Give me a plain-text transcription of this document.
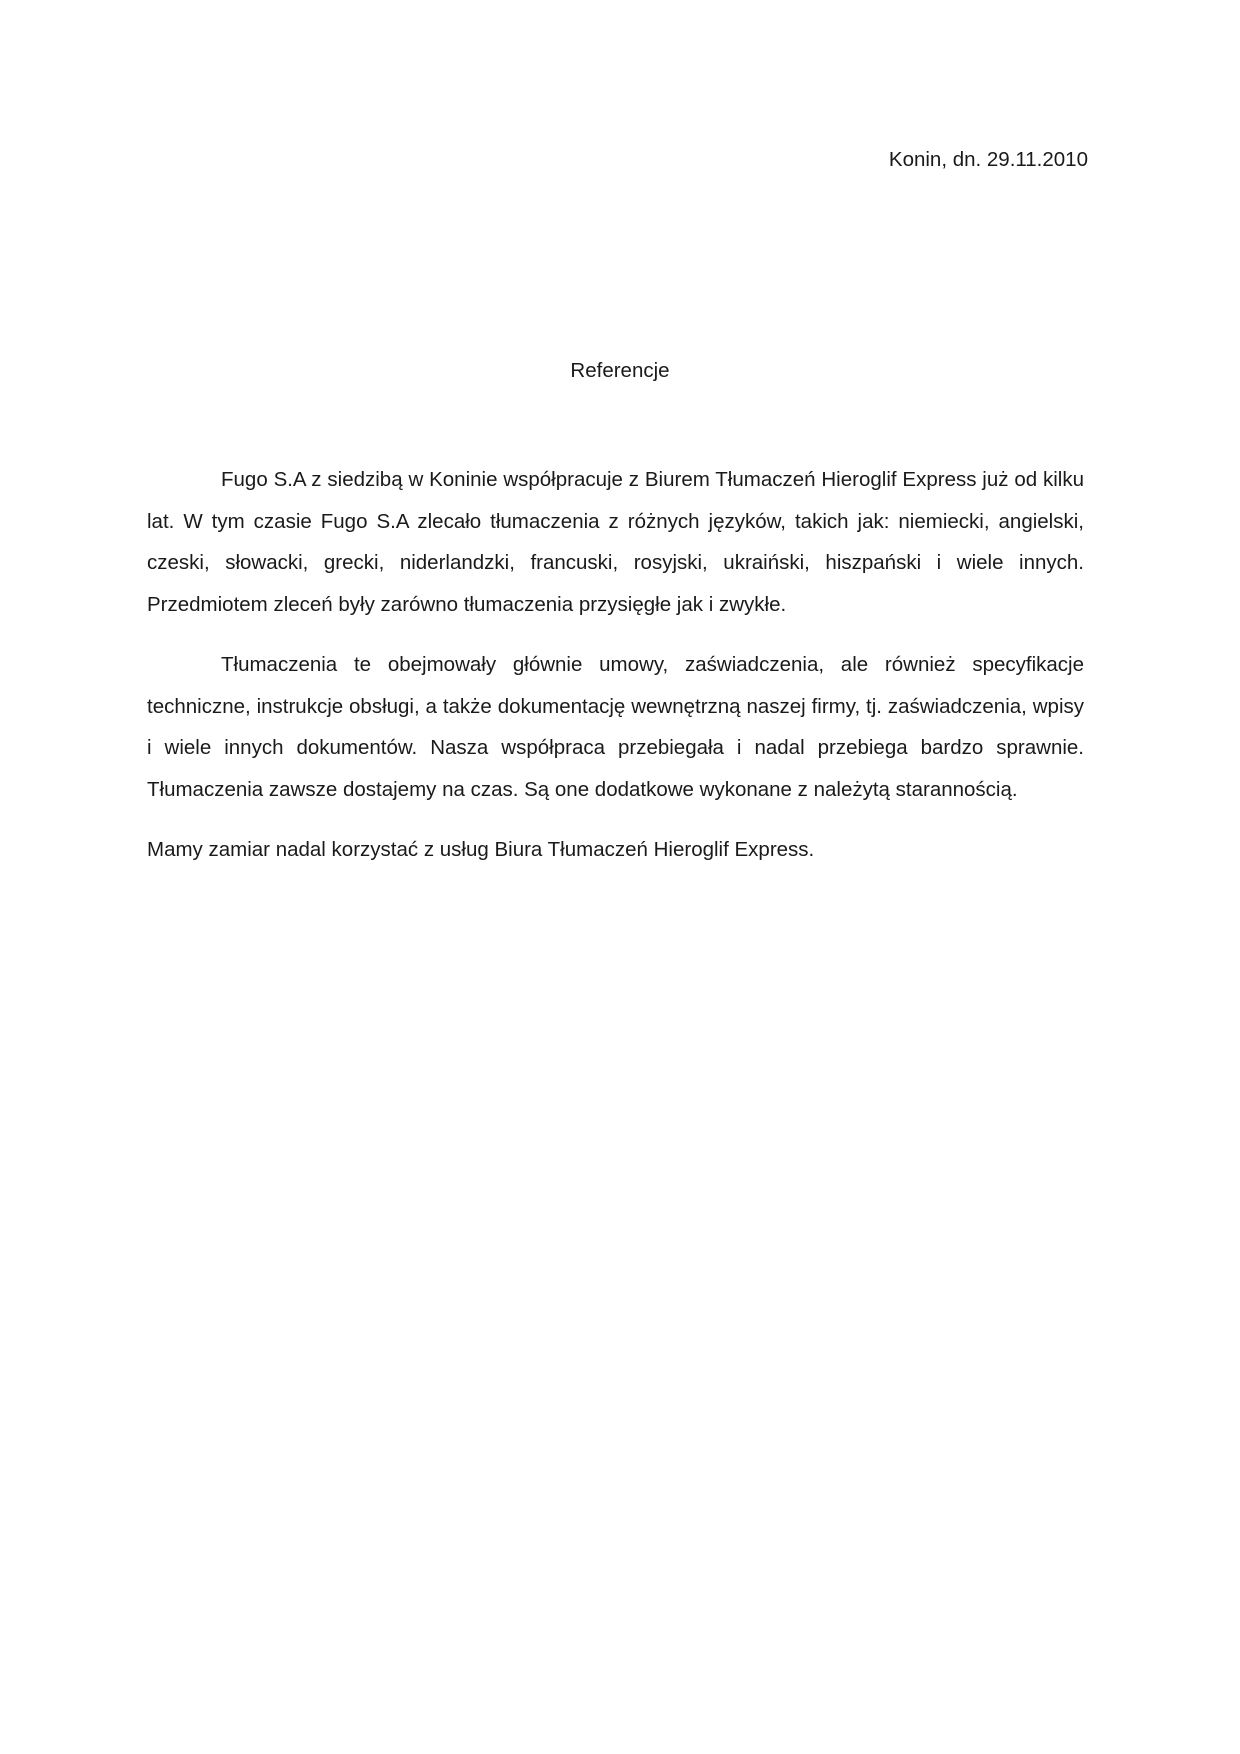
Konin, dn. 29.11.2010
Referencje

Fugo S.A z siedzibą w Koninie współpracuje z Biurem Tłumaczeń Hieroglif Express już od kilku lat. W tym czasie Fugo S.A zlecało tłumaczenia z różnych języków, takich jak: niemiecki, angielski, czeski, słowacki, grecki, niderlandzki, francuski, rosyjski, ukraiński, hiszpański i wiele innych. Przedmiotem zleceń były zarówno tłumaczenia przysięgłe jak i zwykłe.

Tłumaczenia te obejmowały głównie umowy, zaświadczenia, ale również specyfikacje techniczne, instrukcje obsługi, a także dokumentację wewnętrzną naszej firmy, tj. zaświadczenia, wpisy i wiele innych dokumentów. Nasza współpraca przebiegała i nadal przebiega bardzo sprawnie. Tłumaczenia zawsze dostajemy na czas. Są one dodatkowe wykonane z należytą starannością.

Mamy zamiar nadal korzystać z usług Biura Tłumaczeń Hieroglif Express.
